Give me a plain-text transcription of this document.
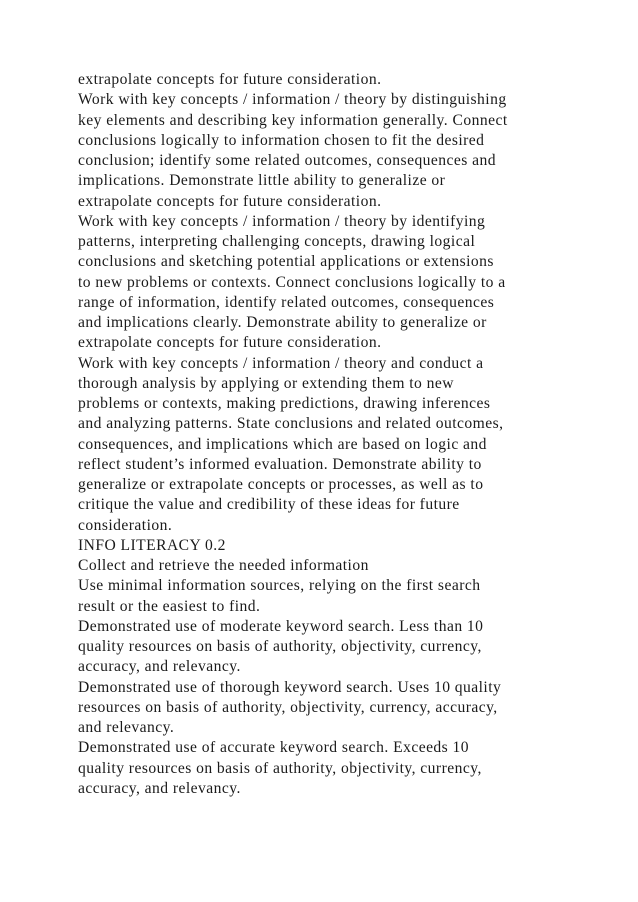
extrapolate concepts for future consideration.
Work with key concepts / information / theory by distinguishing
key elements and describing key information generally. Connect
conclusions logically to information chosen to fit the desired
conclusion; identify some related outcomes, consequences and
implications. Demonstrate little ability to generalize or
extrapolate concepts for future consideration.
Work with key concepts / information / theory by identifying
patterns, interpreting challenging concepts, drawing logical
conclusions and sketching potential applications or extensions
to new problems or contexts. Connect conclusions logically to a
range of information, identify related outcomes, consequences
and implications clearly. Demonstrate ability to generalize or
extrapolate concepts for future consideration.
Work with key concepts / information / theory and conduct a
thorough analysis by applying or extending them to new
problems or contexts, making predictions, drawing inferences
and analyzing patterns. State conclusions and related outcomes,
consequences, and implications which are based on logic and
reflect student’s informed evaluation. Demonstrate ability to
generalize or extrapolate concepts or processes, as well as to
critique the value and credibility of these ideas for future
consideration.
INFO LITERACY 0.2
Collect and retrieve the needed information
Use minimal information sources, relying on the first search
result or the easiest to find.
Demonstrated use of moderate keyword search. Less than 10
quality resources on basis of authority, objectivity, currency,
accuracy, and relevancy.
Demonstrated use of thorough keyword search. Uses 10 quality
resources on basis of authority, objectivity, currency, accuracy,
and relevancy.
Demonstrated use of accurate keyword search. Exceeds 10
quality resources on basis of authority, objectivity, currency,
accuracy, and relevancy.
